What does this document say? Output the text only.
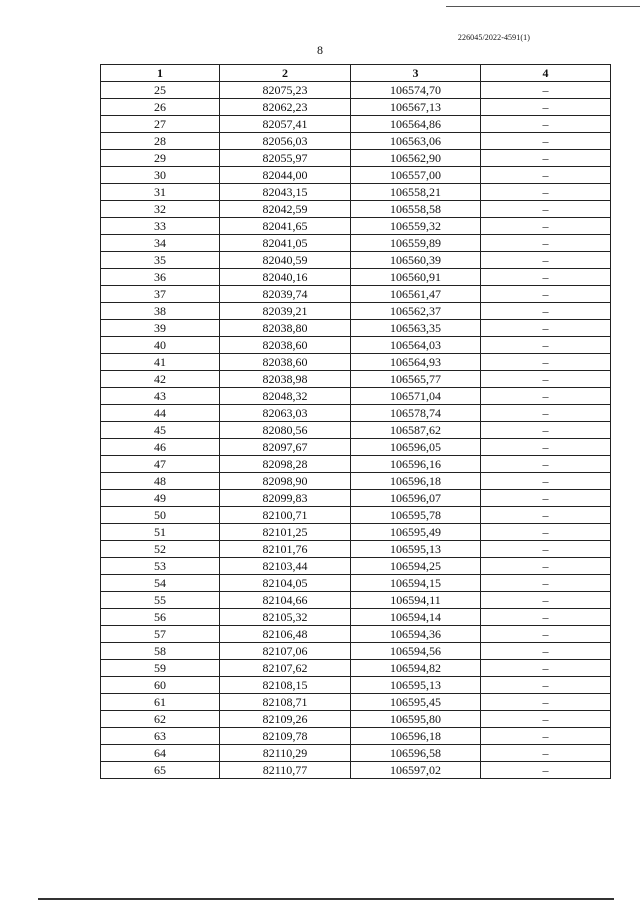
226045/2022-4591(1)
8
1	2	3	4
25	82075,23	106574,70	–
26	82062,23	106567,13	–
27	82057,41	106564,86	–
28	82056,03	106563,06	–
29	82055,97	106562,90	–
30	82044,00	106557,00	–
31	82043,15	106558,21	–
32	82042,59	106558,58	–
33	82041,65	106559,32	–
34	82041,05	106559,89	–
35	82040,59	106560,39	–
36	82040,16	106560,91	–
37	82039,74	106561,47	–
38	82039,21	106562,37	–
39	82038,80	106563,35	–
40	82038,60	106564,03	–
41	82038,60	106564,93	–
42	82038,98	106565,77	–
43	82048,32	106571,04	–
44	82063,03	106578,74	–
45	82080,56	106587,62	–
46	82097,67	106596,05	–
47	82098,28	106596,16	–
48	82098,90	106596,18	–
49	82099,83	106596,07	–
50	82100,71	106595,78	–
51	82101,25	106595,49	–
52	82101,76	106595,13	–
53	82103,44	106594,25	–
54	82104,05	106594,15	–
55	82104,66	106594,11	–
56	82105,32	106594,14	–
57	82106,48	106594,36	–
58	82107,06	106594,56	–
59	82107,62	106594,82	–
60	82108,15	106595,13	–
61	82108,71	106595,45	–
62	82109,26	106595,80	–
63	82109,78	106596,18	–
64	82110,29	106596,58	–
65	82110,77	106597,02	–
